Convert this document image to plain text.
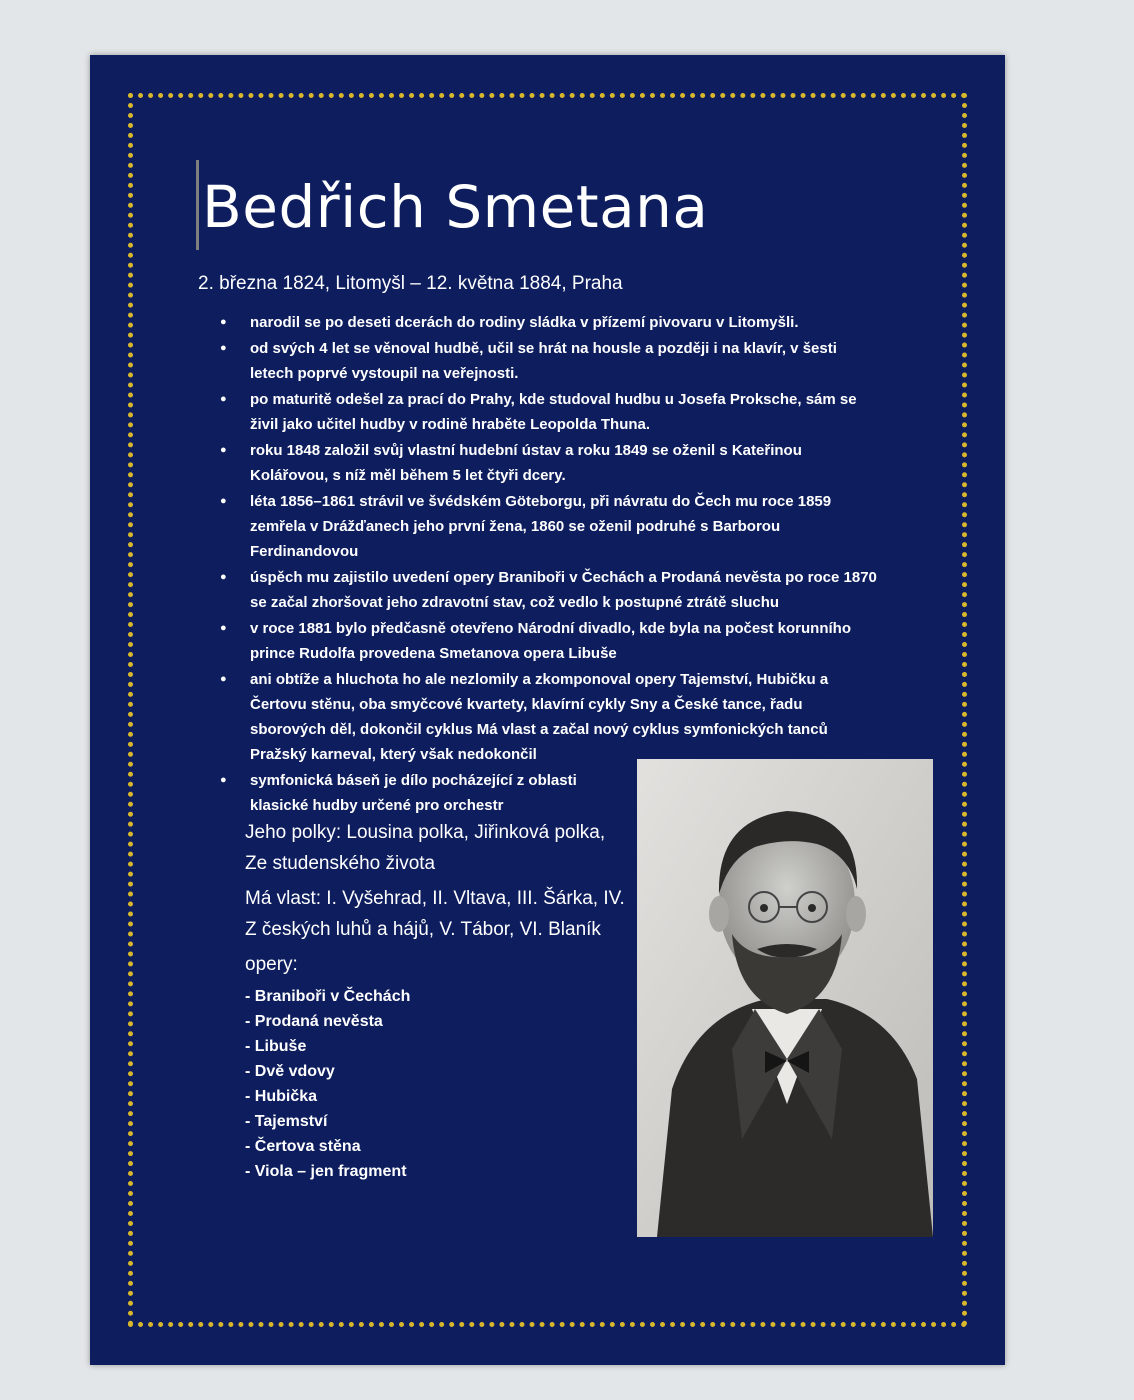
Bedřich Smetana

2. března 1824, Litomyšl – 12. května 1884, Praha

● narodil se po deseti dcerách do rodiny sládka v přízemí pivovaru v Litomyšli.
● od svých 4 let se věnoval hudbě, učil se hrát na housle a později i na klavír, v šesti letech poprvé vystoupil na veřejnosti.
● po maturitě odešel za prací do Prahy, kde studoval hudbu u Josefa Proksche, sám se živil jako učitel hudby v rodině hraběte Leopolda Thuna.
● roku 1848 založil svůj vlastní hudební ústav a roku 1849 se oženil s Kateřinou Kolářovou, s níž měl během 5 let čtyři dcery.
● léta 1856–1861 strávil ve švédském Göteborgu, při návratu do Čech mu roce 1859 zemřela v Drážďanech jeho první žena, 1860 se oženil podruhé s Barborou Ferdinandovou
● úspěch mu zajistilo uvedení opery Braniboři v Čechách a Prodaná nevěsta po roce 1870 se začal zhoršovat jeho zdravotní stav, což vedlo k postupné ztrátě sluchu
● v roce 1881 bylo předčasně otevřeno Národní divadlo, kde byla na počest korunního prince Rudolfa provedena Smetanova opera Libuše
● ani obtíže a hluchota ho ale nezlomily a zkomponoval opery Tajemství, Hubičku a Čertovu stěnu, oba smyčcové kvartety, klavírní cykly Sny a České tance, řadu sborových děl, dokončil cyklus Má vlast a začal nový cyklus symfonických tanců Pražský karneval, který však nedokončil
● symfonická báseň je dílo pocházející z oblasti klasické hudby určené pro orchestr

Jeho polky: Lousina polka, Jiřinková polka, Ze studenského života

Má vlast: I. Vyšehrad, II. Vltava, III. Šárka, IV. Z českých luhů a hájů, V. Tábor, VI. Blaník

opery:

- Braniboři v Čechách
- Prodaná nevěsta
- Libuše
- Dvě vdovy
- Hubička
- Tajemství
- Čertova stěna
- Viola – jen fragment
